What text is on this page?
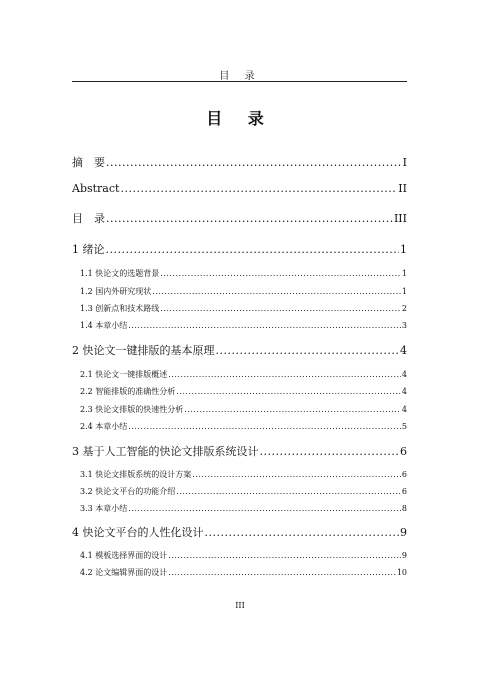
目 录
目 录
摘　要 .....	I
Abstract .....	II
目　录 .....	III
1 绪论 .....	1
1.1 快论文的选题背景 .....	1
1.2 国内外研究现状 .....	1
1.3 创新点和技术路线 .....	2
1.4 本章小结 .....	3
2 快论文一键排版的基本原理 .....	4
2.1 快论文一键排版概述 .....	4
2.2 智能排版的准确性分析 .....	4
2.3 快论文排版的快速性分析 .....	4
2.4 本章小结 .....	5
3 基于人工智能的快论文排版系统设计 .....	6
3.1 快论文排版系统的设计方案 .....	6
3.2 快论文平台的功能介绍 .....	6
3.3 本章小结 .....	8
4 快论文平台的人性化设计 .....	9
4.1 模板选择界面的设计 .....	9
4.2 论文编辑界面的设计 .....	10
III
